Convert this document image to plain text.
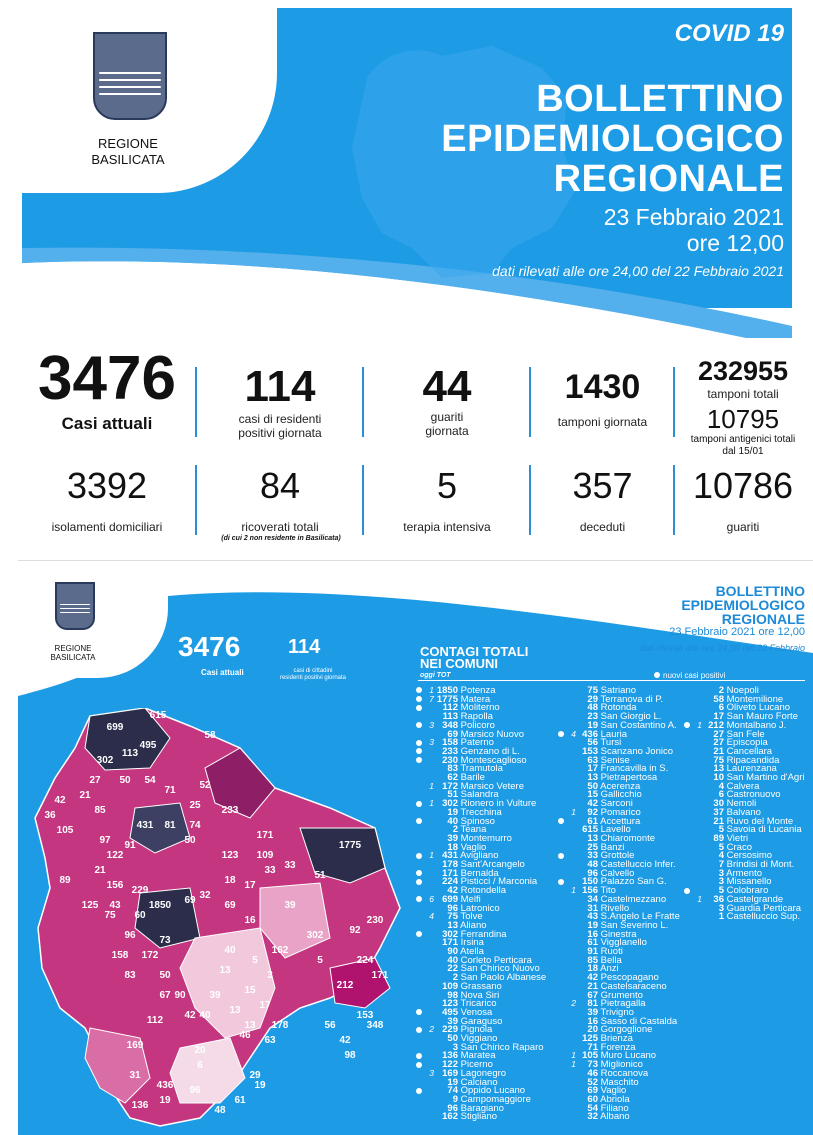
REGIONE
BASILICATA
COVID 19
BOLLETTINO
EPIDEMIOLOGICO
REGIONALE
23 Febbraio 2021
ore 12,00
dati rilevati alle ore 24,00 del 22 Febbraio 2021
3476
Casi attuali
114
casi di residenti
positivi giornata
44
guariti
giornata
1430
tamponi giornata
232955
tamponi totali
10795
tamponi antigenici totali
dal 15/01
3392
isolamenti domiciliari
84
ricoverati totali
(di cui 2 non residente in Basilicata)
5
terapia intensiva
357
deceduti
10786
guariti
REGIONE
BASILICATA
BOLLETTINO
EPIDEMIOLOGICO
REGIONALE
23 Febbraio 2021 ore 12,00
dati rilevati alle ore 24,00 del 22 Febbraio
3476
Casi attuali
114
casi di cittadini
residenti positivi giornata
CONTAGI TOTALI
NEI COMUNI
oggi TOT	nuovi casi positivi
699
615
495
58
113
302
42
27
21
50 54
71 52
25 233
36	85
105
97
431 81 74
171
1775
50
91
122
21
123 109
33
89
125
156 229
1850 69
18 17
33
43
75 60
32
39
51
73
96
69
16
302	92
230
158 172
50
40	162
5
171
83
67
13
5
3
224
212
39 15
17
13
153
90
13
56
112 42 40
178
63
348
169	20
46	42
98
31
436 96
6
29
136 19
48
61
19
1 1850 Potenza
7 1775 Matera
112 Moliterno
113 Rapolla
3 348 Policoro
69 Marsico Nuovo
3 158 Paterno
233 Genzano di L.
230 Montescaglioso
83 Tramutola
62 Barile
1 172 Marsico Vetere
51 Salandra
1 302 Rionero in Vulture
19 Trecchina
40 Spinoso
2 Teana
39 Montemurro
18 Vaglio
1 431 Avigliano
178 Sant'Arcangelo
171 Bernalda
224 Pisticci / Marconia
42 Rotondella
6 699 Melfi
96 Latronico
4 75 Tolve
13 Aliano
302 Ferrandina
171 Irsina
90 Atella
40 Corleto Perticara
22 San Chirico Nuovo
2 San Paolo Albanese
109 Grassano
98 Nova Siri
123 Tricarico
495 Venosa
39 Garaguso
2 229 Pignola
50 Viggiano
3 San Chirico Raparo
136 Maratea
122 Picerno
3 169 Lagonegro
19 Calciano
74 Oppido Lucano
9 Campomaggiore
96 Baragiano
162 Stigliano
75 Satriano
29 Terranova di P.
48 Rotonda
23 San Giorgio L.
19 San Costantino A.
4 436 Lauria
56 Tursi
153 Scanzano Jonico
63 Senise
17 Francavilla in S.
13 Pietrapertosa
50 Acerenza
15 Gallicchio
42 Sarconi
1 92 Pomarico
61 Accettura
615 Lavello
13 Chiaromonte
25 Banzi
33 Grottole
48 Castelluccio Infer.
96 Calvello
150 Palazzo San G.
1 156 Tito
34 Castelmezzano
31 Rivello
43 S.Angelo Le Fratte
19 San Severino L.
16 Ginestra
61 Vigglanello
91 Ruoti
85 Bella
18 Anzi
42 Pescopagano
21 Castelsaraceno
67 Grumento
2 81 Pietragalla
39 Trivigno
16 Sasso di Castalda
20 Gorgoglione
125 Brienza
71 Forenza
1 105 Muro Lucano
1 73 Miglionico
46 Roccanova
52 Maschito
69 Vaglio
60 Abriola
54 Filiano
32 Albano
2 Noepoli
58 Montemilione
6 Oliveto Lucano
17 San Mauro Forte
1 212 Montalbano J.
27 San Fele
27 Episcopia
21 Cancellara
75 Ripacandida
13 Laurenzana
10 San Martino d'Agri
4 Calvera
6 Castronuovo
30 Nemoli
37 Balvano
21 Ruvo del Monte
5 Savoia di Lucania
89 Vietri
5 Craco
4 Cersosimo
7 Brindisi di Mont.
3 Armento
3 Missanello
5 Colobraro
1 36 Castelgrande
3 Guardia Perticara
1 Castelluccio Sup.
